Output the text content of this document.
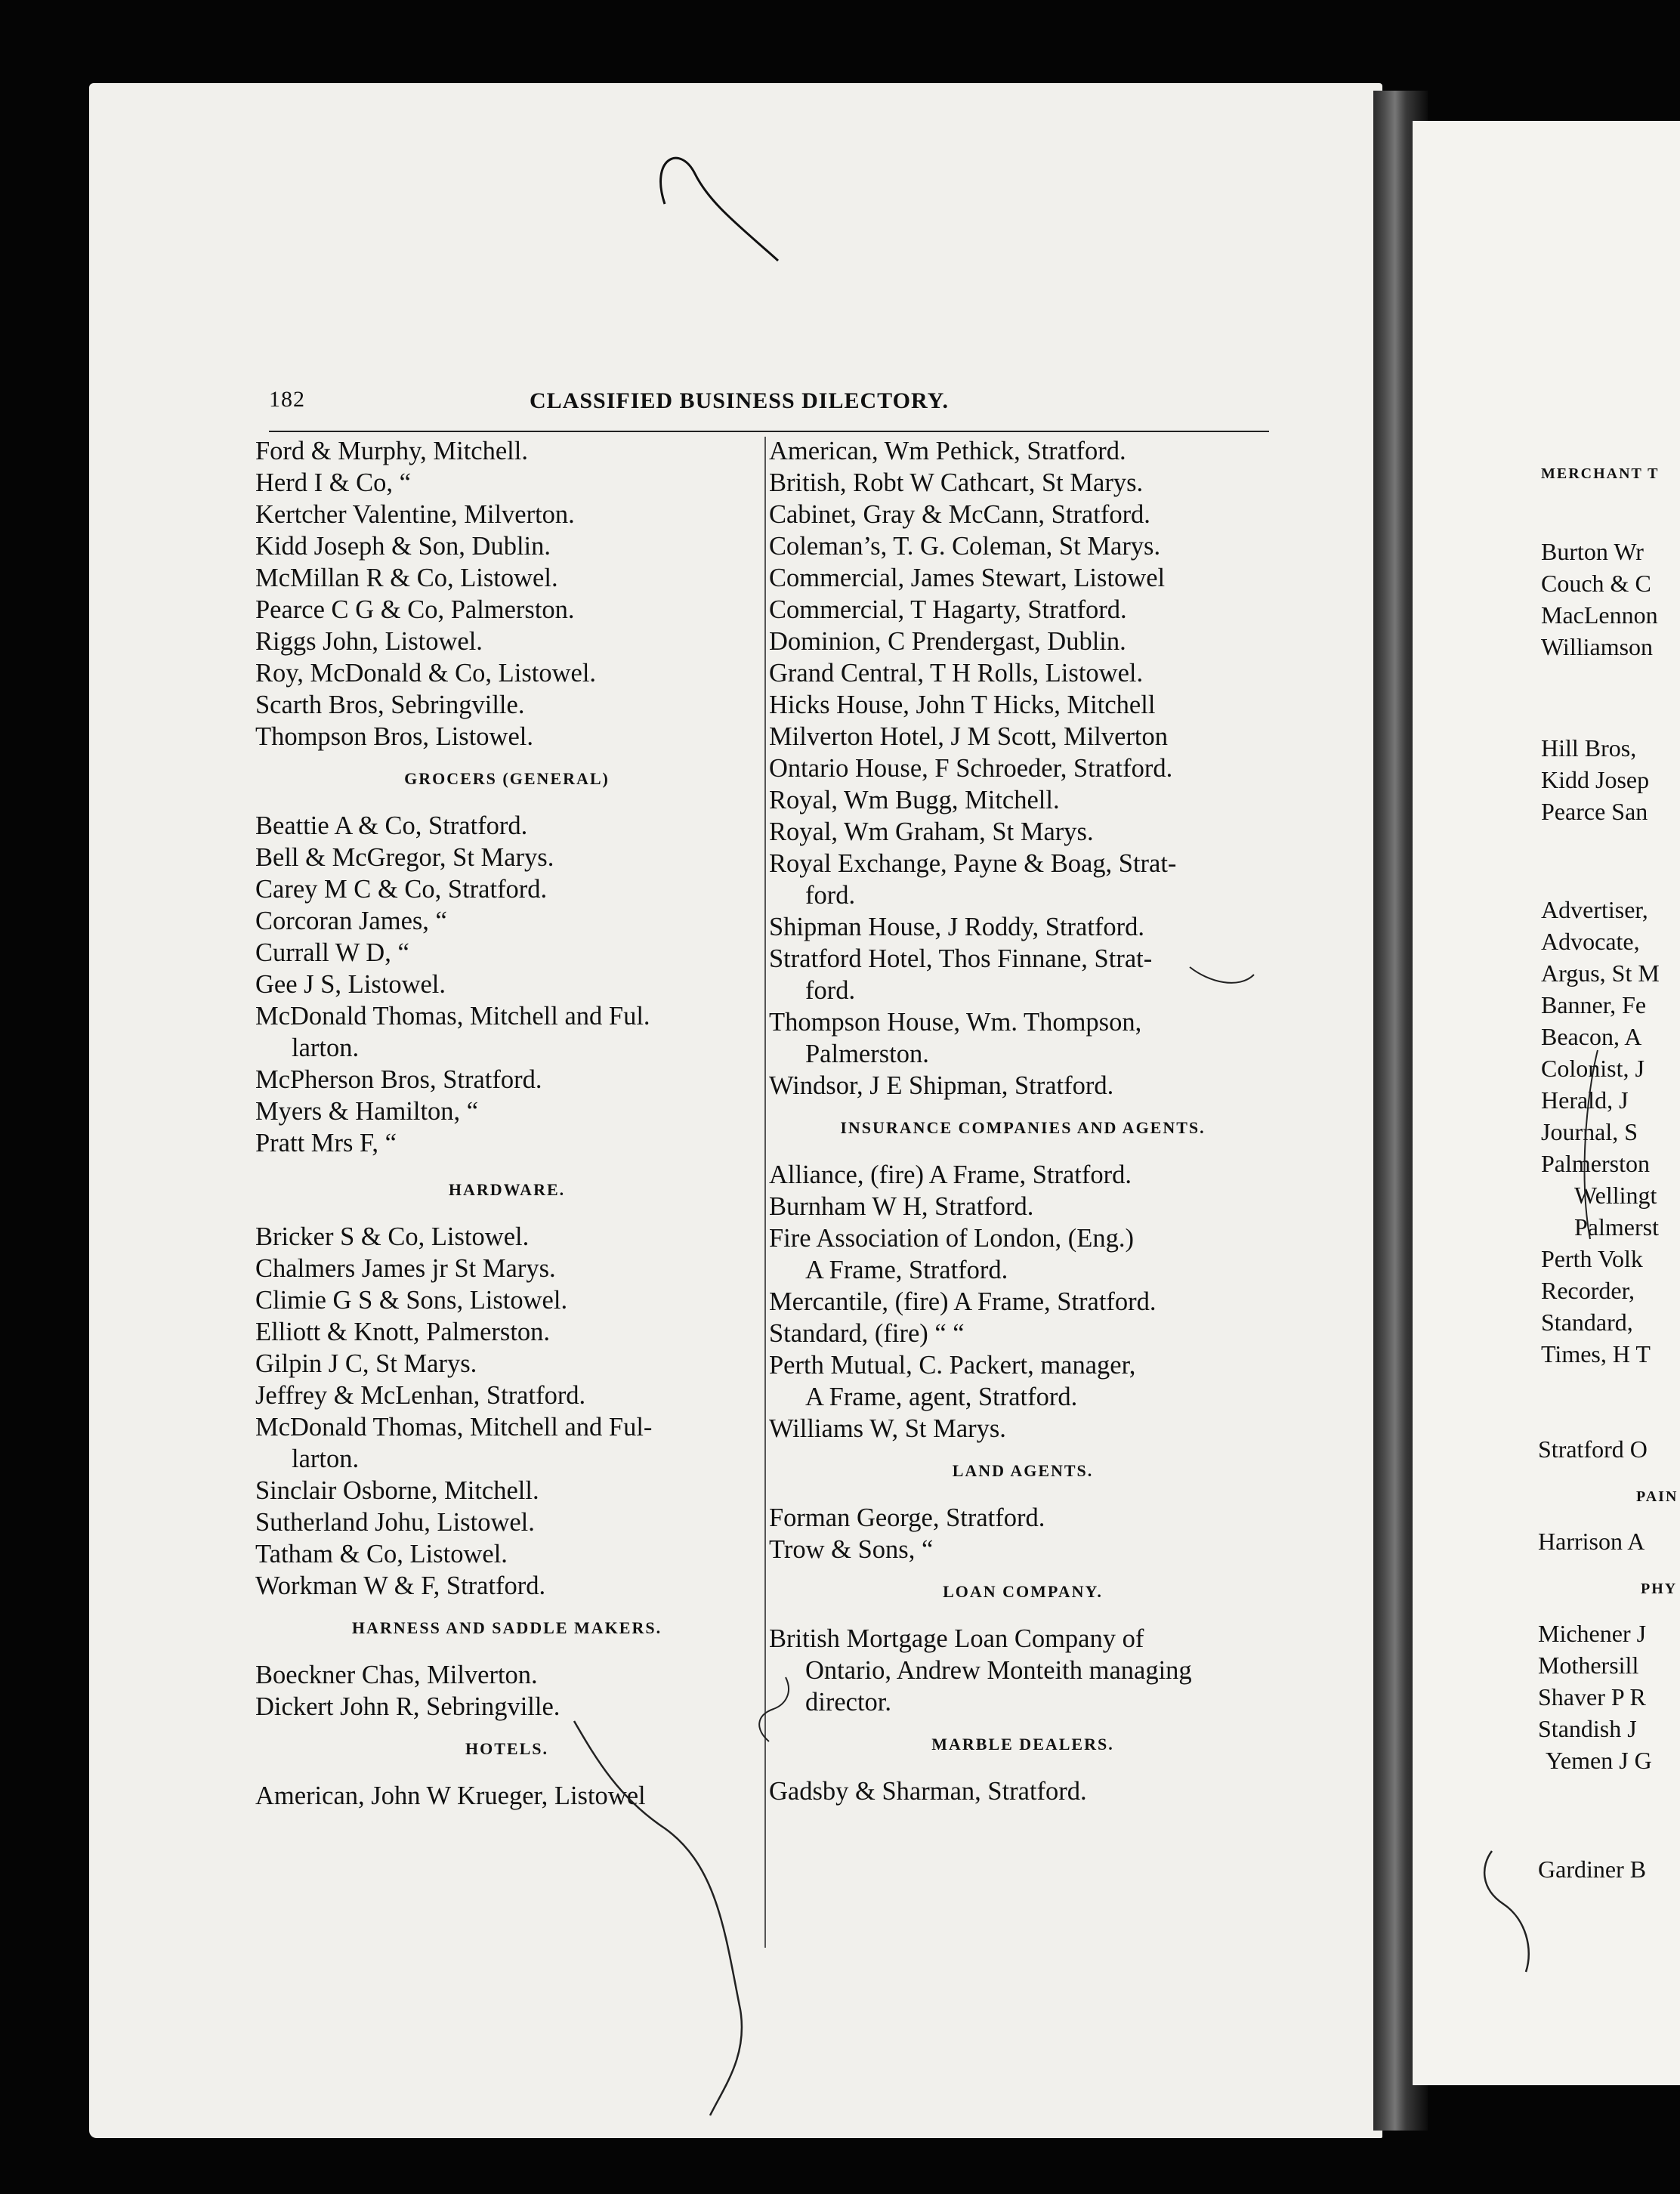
MERCHANT T
Burton Wr
Couch & C
MacLennon
Williamson
Hill Bros,
Kidd Josep
Pearce San
Advertiser,
Advocate,
Argus, St M
Banner, Fe
Beacon, A
Colonist, J
Herald, J
Journal, S
Palmerston
Wellingt
Palmerst
Perth Volk
Recorder,
Standard,
Times, H T
Stratford O
PAIN
Harrison A
PHY
Michener J
Mothersill
Shaver P R
Standish J
Yemen J G
Gardiner B
182	CLASSIFIED BUSINESS DILECTORY.
Ford & Murphy, Mitchell.
Herd I & Co, “
Kertcher Valentine, Milverton.
Kidd Joseph & Son, Dublin.
McMillan R & Co, Listowel.
Pearce C G & Co, Palmerston.
Riggs John, Listowel.
Roy, McDonald & Co, Listowel.
Scarth Bros, Sebringville.
Thompson Bros, Listowel.
GROCERS (GENERAL)
Beattie A & Co, Stratford.
Bell & McGregor, St Marys.
Carey M C & Co, Stratford.
Corcoran James, “
Currall W D, “
Gee J S, Listowel.
McDonald Thomas, Mitchell and Ful.
larton.
McPherson Bros, Stratford.
Myers & Hamilton, “
Pratt Mrs F, “
HARDWARE.
Bricker S & Co, Listowel.
Chalmers James jr St Marys.
Climie G S & Sons, Listowel.
Elliott & Knott, Palmerston.
Gilpin J C, St Marys.
Jeffrey & McLenhan, Stratford.
McDonald Thomas, Mitchell and Ful-
larton.
Sinclair Osborne, Mitchell.
Sutherland Johu, Listowel.
Tatham & Co, Listowel.
Workman W & F, Stratford.
HARNESS AND SADDLE MAKERS.
Boeckner Chas, Milverton.
Dickert John R, Sebringville.
HOTELS.
American, John W Krueger, Listowel
American, Wm Pethick, Stratford.
British, Robt W Cathcart, St Marys.
Cabinet, Gray & McCann, Stratford.
Coleman’s, T. G. Coleman, St Marys.
Commercial, James Stewart, Listowel
Commercial, T Hagarty, Stratford.
Dominion, C Prendergast, Dublin.
Grand Central, T H Rolls, Listowel.
Hicks House, John T Hicks, Mitchell
Milverton Hotel, J M Scott, Milverton
Ontario House, F Schroeder, Stratford.
Royal, Wm Bugg, Mitchell.
Royal, Wm Graham, St Marys.
Royal Exchange, Payne & Boag, Strat-
ford.
Shipman House, J Roddy, Stratford.
Stratford Hotel, Thos Finnane, Strat-
ford.
Thompson House, Wm. Thompson,
Palmerston.
Windsor, J E Shipman, Stratford.
INSURANCE COMPANIES AND AGENTS.
Alliance, (fire) A Frame, Stratford.
Burnham W H, Stratford.
Fire Association of London, (Eng.)
A Frame, Stratford.
Mercantile, (fire) A Frame, Stratford.
Standard, (fire) “ “
Perth Mutual, C. Packert, manager,
A Frame, agent, Stratford.
Williams W, St Marys.
LAND AGENTS.
Forman George, Stratford.
Trow & Sons, “
LOAN COMPANY.
British Mortgage Loan Company of
Ontario, Andrew Monteith managing
director.
MARBLE DEALERS.
Gadsby & Sharman, Stratford.
